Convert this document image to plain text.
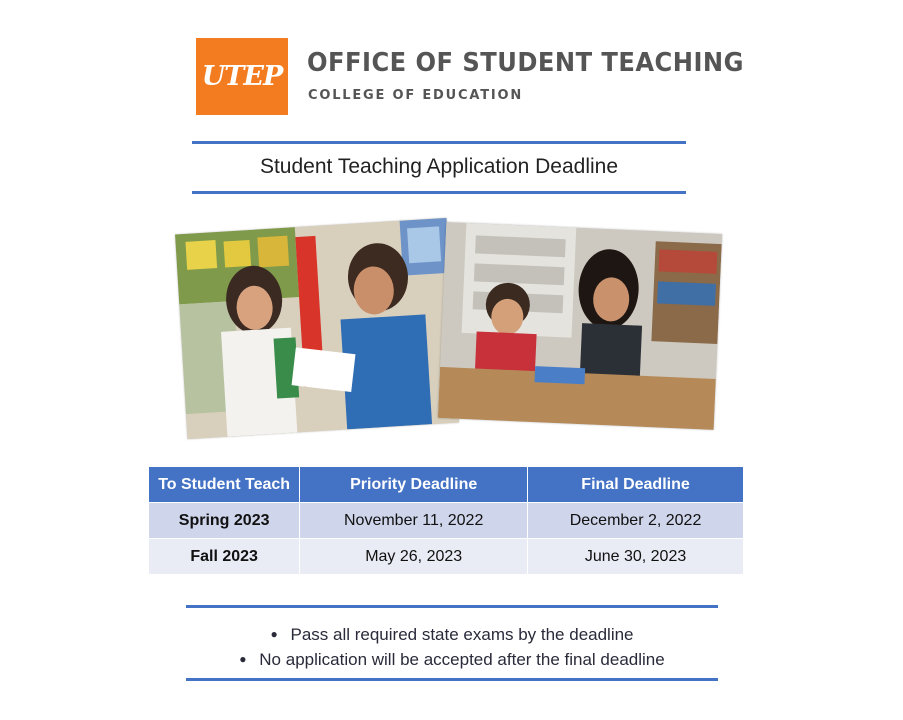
UTEP OFFICE OF STUDENT TEACHING
COLLEGE OF EDUCATION
Student Teaching Application Deadline
To Student Teach	Priority Deadline	Final Deadline
Spring 2023	November 11, 2022	December 2, 2022
Fall 2023	May 26, 2023	June 30, 2023
● Pass all required state exams by the deadline
● No application will be accepted after the final deadline
